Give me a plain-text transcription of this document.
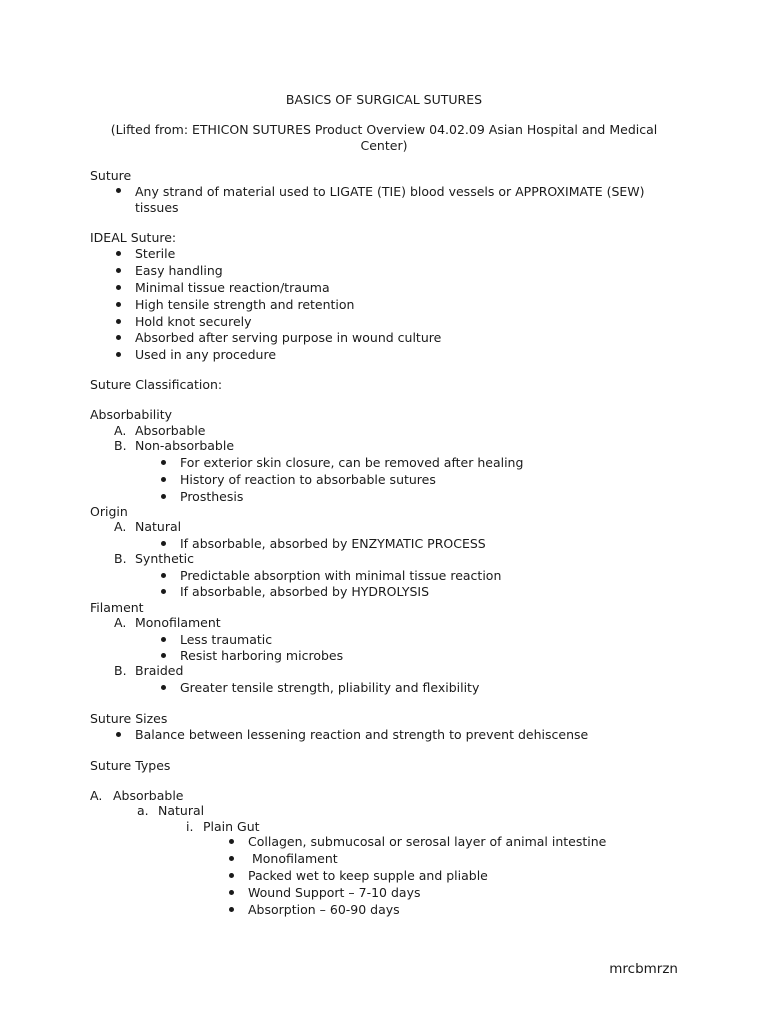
BASICS OF SURGICAL SUTURES
(Lifted from: ETHICON SUTURES Product Overview 04.02.09 Asian Hospital and Medical
Center)
Suture
Any strand of material used to LIGATE (TIE) blood vessels or APPROXIMATE (SEW)
tissues
IDEAL Suture:
Sterile
Easy handling
Minimal tissue reaction/trauma
High tensile strength and retention
Hold knot securely
Absorbed after serving purpose in wound culture
Used in any procedure
Suture Classification:
Absorbability
A. Absorbable
B. Non-absorbable
For exterior skin closure, can be removed after healing
History of reaction to absorbable sutures
Prosthesis
Origin
A. Natural
If absorbable, absorbed by ENZYMATIC PROCESS
B. Synthetic
Predictable absorption with minimal tissue reaction
If absorbable, absorbed by HYDROLYSIS
Filament
A. Monofilament
Less traumatic
Resist harboring microbes
B. Braided
Greater tensile strength, pliability and flexibility
Suture Sizes
Balance between lessening reaction and strength to prevent dehiscense
Suture Types
A. Absorbable
a. Natural
i. Plain Gut
Collagen, submucosal or serosal layer of animal intestine
Monofilament
Packed wet to keep supple and pliable
Wound Support – 7-10 days
Absorption – 60-90 days
mrcbmrzn
